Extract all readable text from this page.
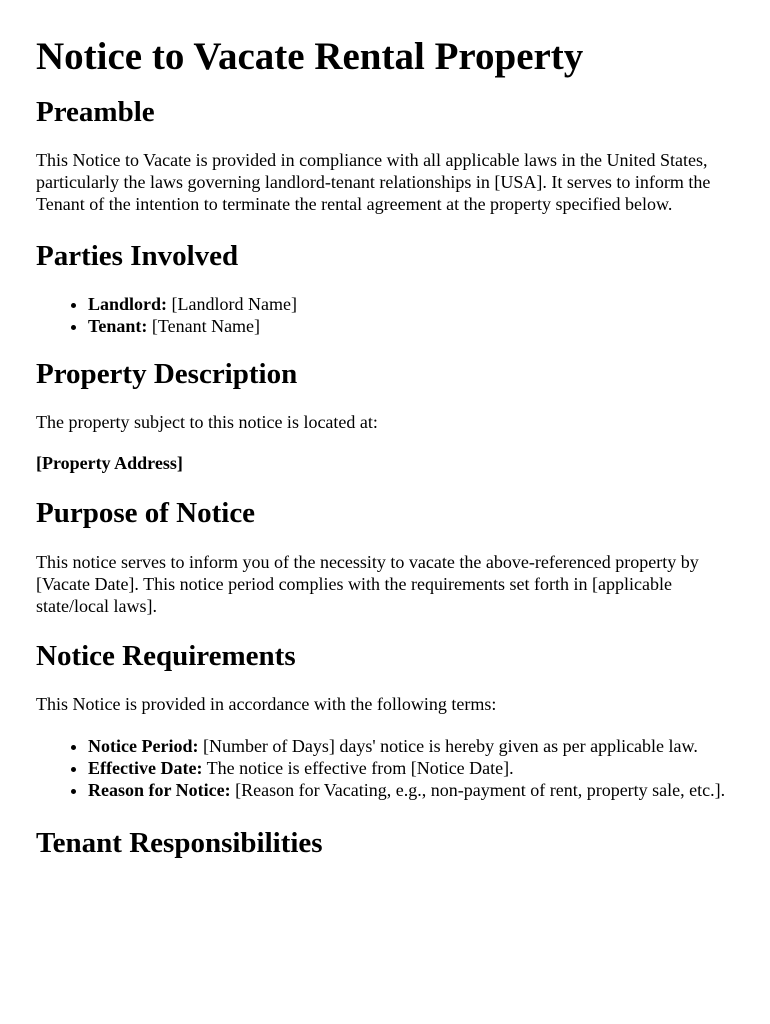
Notice to Vacate Rental Property
Preamble

This Notice to Vacate is provided in compliance with all applicable laws in the United States, particularly the laws governing landlord-tenant relationships in [USA]. It serves to inform the Tenant of the intention to terminate the rental agreement at the property specified below.

Parties Involved
• Landlord: [Landlord Name]
• Tenant: [Tenant Name]
Property Description

The property subject to this notice is located at:

[Property Address]

Purpose of Notice

This notice serves to inform you of the necessity to vacate the above-referenced property by [Vacate Date]. This notice period complies with the requirements set forth in [applicable state/local laws].

Notice Requirements

This Notice is provided in accordance with the following terms:

• Notice Period: [Number of Days] days' notice is hereby given as per applicable law.
• Effective Date: The notice is effective from [Notice Date].
• Reason for Notice: [Reason for Vacating, e.g., non-payment of rent, property sale, etc.].
Tenant Responsibilities
